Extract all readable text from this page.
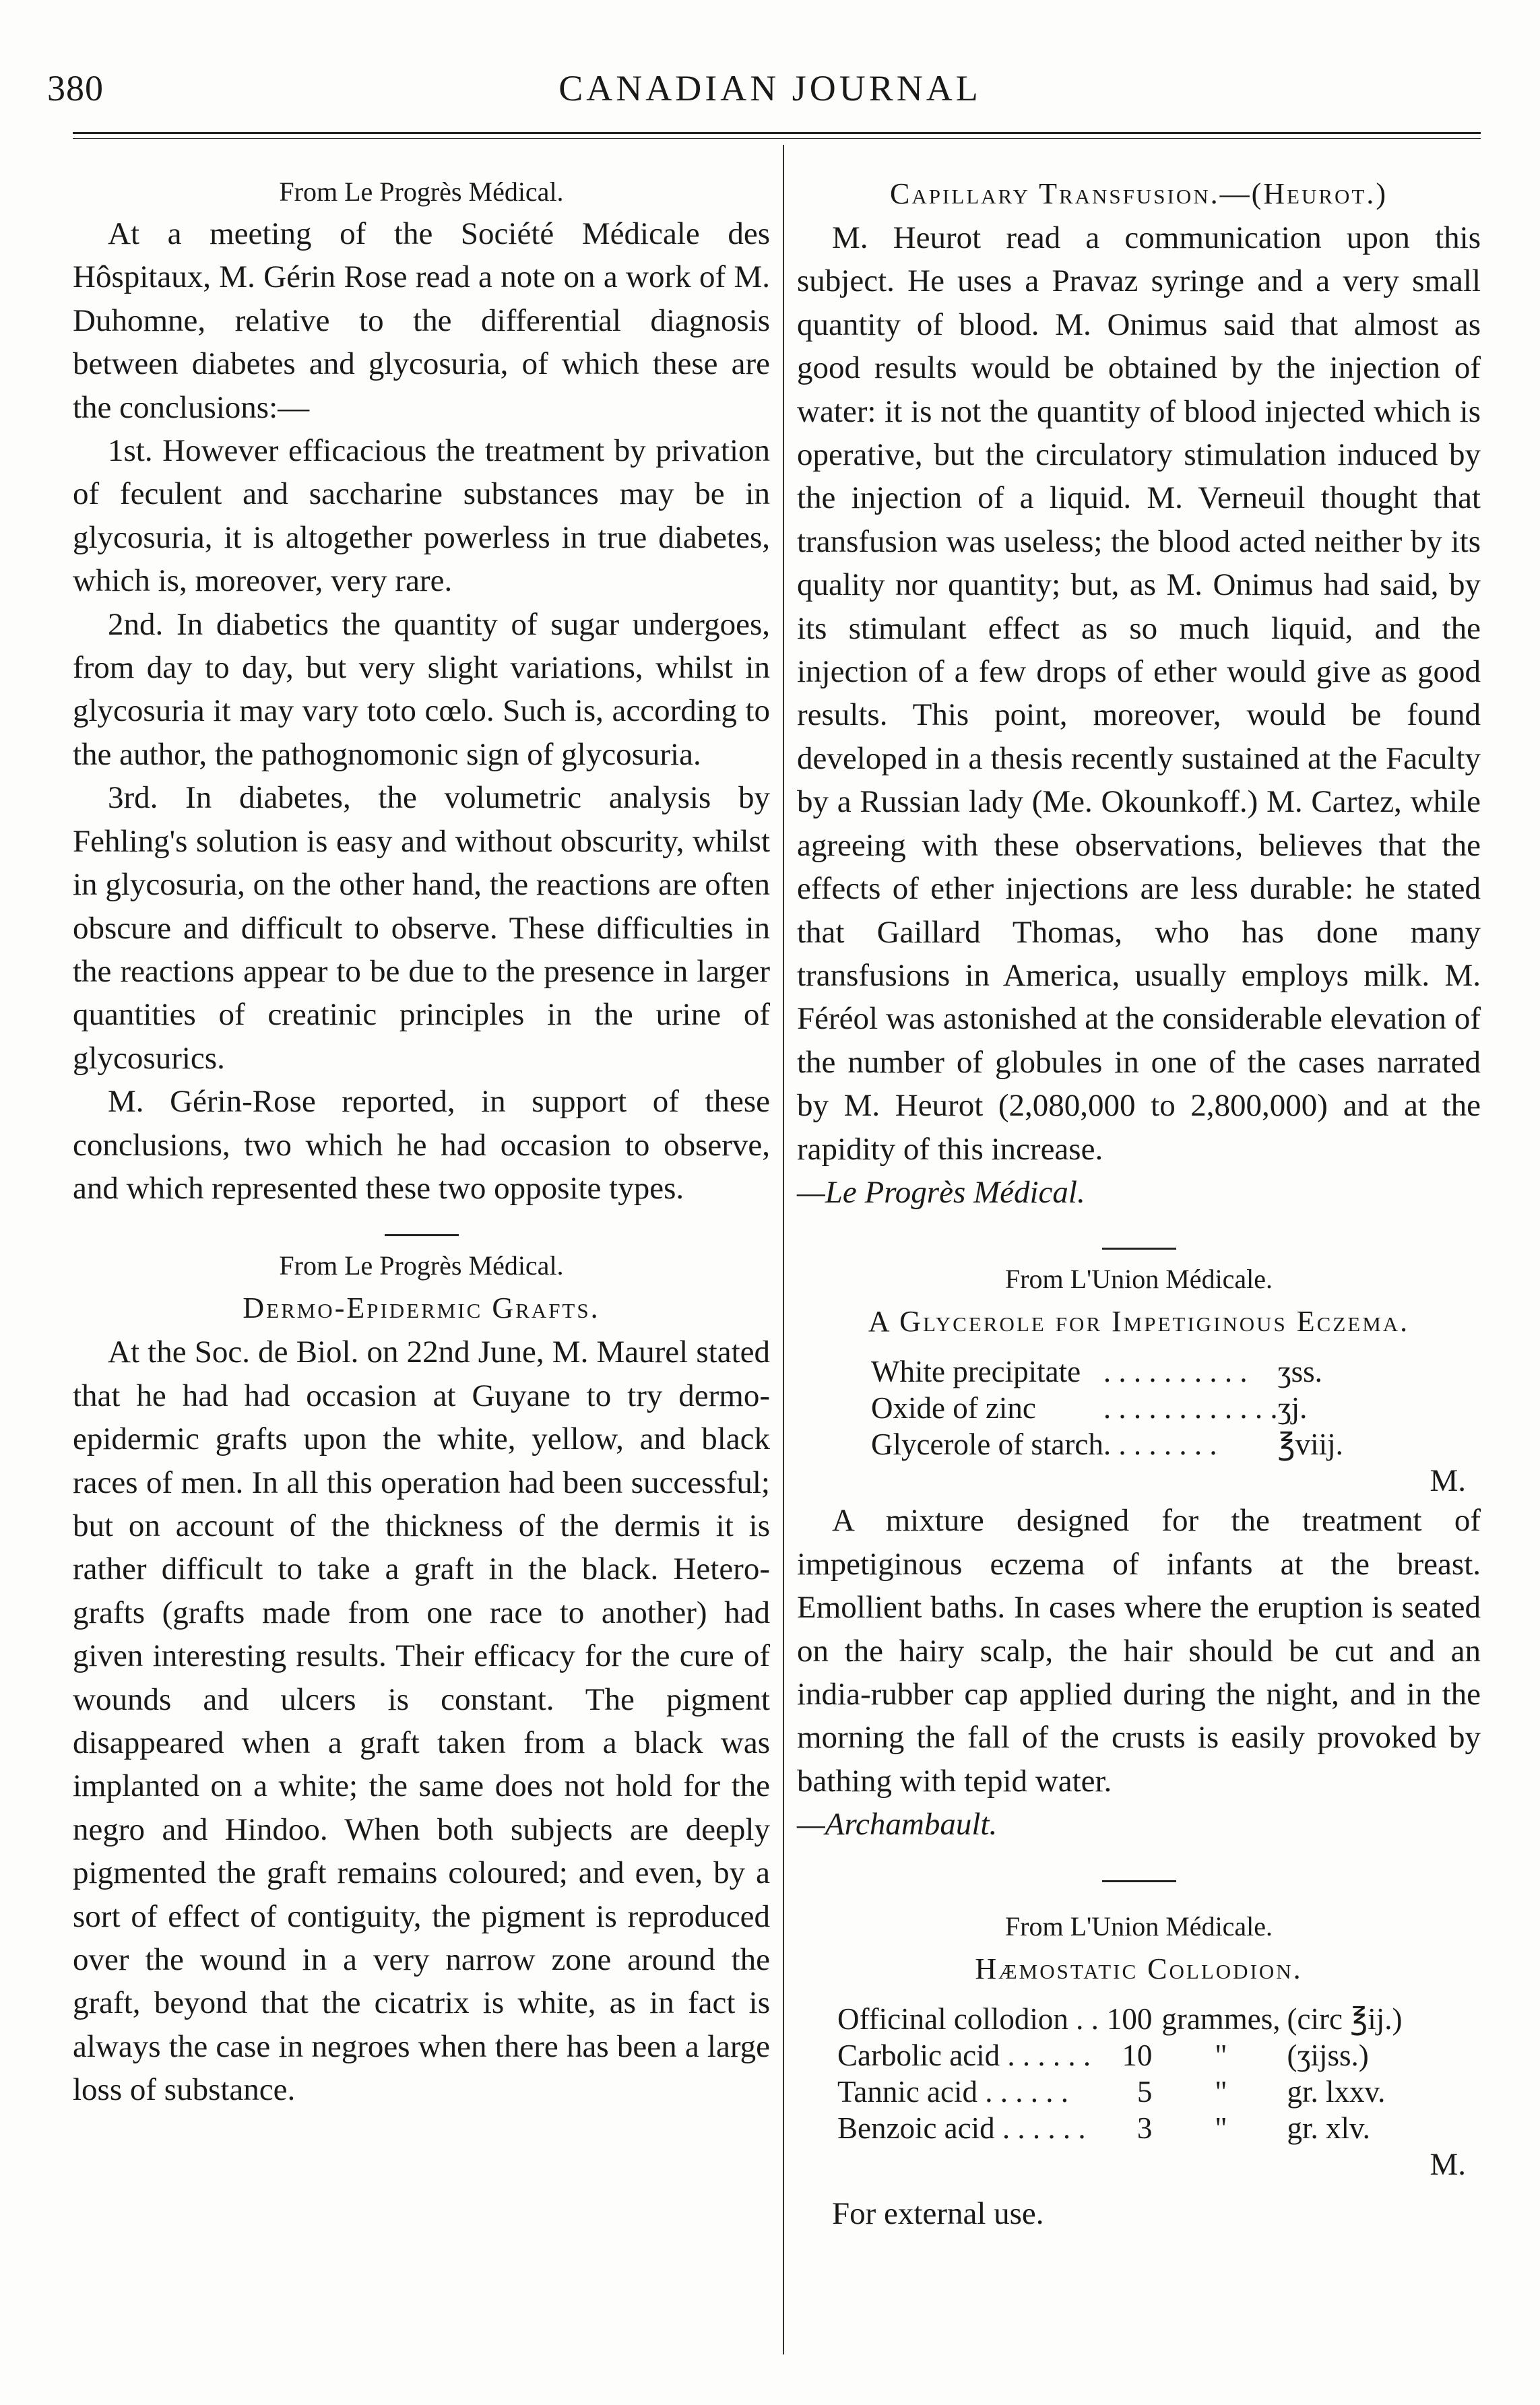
380	CANADIAN JOURNAL

From Le Progrès Médical.

At a meeting of the Société Médicale des Hôspitaux, M. Gérin Rose read a note on a work of M. Duhomne, relative to the differential diagnosis between diabetes and glycosuria, of which these are the conclusions:—

1st. However efficacious the treatment by privation of feculent and saccharine substances may be in glycosuria, it is altogether powerless in true diabetes, which is, moreover, very rare.

2nd. In diabetics the quantity of sugar undergoes, from day to day, but very slight variations, whilst in glycosuria it may vary toto cœlo. Such is, according to the author, the pathognomonic sign of glycosuria.

3rd. In diabetes, the volumetric analysis by Fehling's solution is easy and without obscurity, whilst in glycosuria, on the other hand, the reactions are often obscure and difficult to observe. These difficulties in the reactions appear to be due to the presence in larger quantities of creatinic principles in the urine of glycosurics.

M. Gérin-Rose reported, in support of these conclusions, two which he had occasion to observe, and which represented these two opposite types.

From Le Progrès Médical.

Dermo-Epidermic Grafts.

At the Soc. de Biol. on 22nd June, M. Maurel stated that he had had occasion at Guyane to try dermo-epidermic grafts upon the white, yellow, and black races of men. In all this operation had been successful; but on account of the thickness of the dermis it is rather difficult to take a graft in the black. Hetero-grafts (grafts made from one race to another) had given interesting results. Their efficacy for the cure of wounds and ulcers is constant. The pigment disappeared when a graft taken from a black was implanted on a white; the same does not hold for the negro and Hindoo. When both subjects are deeply pigmented the graft remains coloured; and even, by a sort of effect of contiguity, the pigment is reproduced over the wound in a very narrow zone around the graft, beyond that the cicatrix is white, as in fact is always the case in negroes when there has been a large loss of substance.

Capillary Transfusion.—(Heurot.)

M. Heurot read a communication upon this subject. He uses a Pravaz syringe and a very small quantity of blood. M. Onimus said that almost as good results would be obtained by the injection of water: it is not the quantity of blood injected which is operative, but the circulatory stimulation induced by the injection of a liquid. M. Verneuil thought that transfusion was useless; the blood acted neither by its quality nor quantity; but, as M. Onimus had said, by its stimulant effect as so much liquid, and the injection of a few drops of ether would give as good results. This point, moreover, would be found developed in a thesis recently sustained at the Faculty by a Russian lady (Me. Okounkoff.) M. Cartez, while agreeing with these observations, believes that the effects of ether injections are less durable: he stated that Gaillard Thomas, who has done many transfusions in America, usually employs milk. M. Féréol was astonished at the considerable elevation of the number of globules in one of the cases narrated by M. Heurot (2,080,000 to 2,800,000) and at the rapidity of this increase.

—Le Progrès Médical.

From L'Union Médicale.

A Glycerole for Impetiginous Eczema.

White precipitate	. . . . . . . . . .	ʒss.
Oxide of zinc	. . . . . . . . . . . .	ʒj.
Glycerole of starch	. . . . . . . .	℥viij.

M.

A mixture designed for the treatment of impetiginous eczema of infants at the breast. Emollient baths. In cases where the eruption is seated on the hairy scalp, the hair should be cut and an india-rubber cap applied during the night, and in the morning the fall of the crusts is easily provoked by bathing with tepid water.

—Archambault.

From L'Union Médicale.

Hæmostatic Collodion.

Officinal collodion . .	100	grammes,	(circ ℥ij.)
Carbolic acid . . . . . .	10	"	(ʒijss.)
Tannic acid . . . . . .	5	"	gr. lxxv.
Benzoic acid . . . . . .	3	"	gr. xlv.

M.

For external use.
